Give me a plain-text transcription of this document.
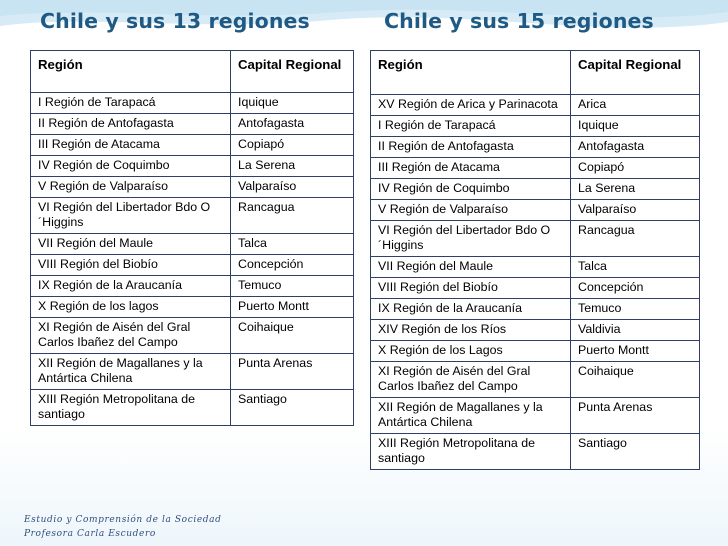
Chile y sus 13 regiones	Chile y sus 15 regiones
Región	Capital Regional
I Región de Tarapacá	Iquique
II Región de Antofagasta	Antofagasta
III Región de Atacama	Copiapó
IV Región de Coquimbo	La Serena
V Región de Valparaíso	Valparaíso
VI Región del Libertador Bdo O´Higgins	Rancagua
VII Región del Maule	Talca
VIII Región del Biobío	Concepción
IX Región de la Araucanía	Temuco
X Región de los lagos	Puerto Montt
XI Región de Aisén del Gral Carlos Ibañez del Campo	Coihaique
XII Región de Magallanes y la Antártica Chilena	Punta Arenas
XIII Región Metropolitana de santiago	Santiago
Región	Capital Regional
XV Región de Arica y Parinacota	Arica
I Región de Tarapacá	Iquique
II Región de Antofagasta	Antofagasta
III Región de Atacama	Copiapó
IV Región de Coquimbo	La Serena
V Región de Valparaíso	Valparaíso
VI Región del Libertador Bdo O´Higgins	Rancagua
VII Región del Maule	Talca
VIII Región del Biobío	Concepción
IX Región de la Araucanía	Temuco
XIV Región de los Ríos	Valdivia
X Región de los Lagos	Puerto Montt
XI Región de Aisén del Gral Carlos Ibañez del Campo	Coihaique
XII Región de Magallanes y la Antártica Chilena	Punta Arenas
XIII Región Metropolitana de santiago	Santiago
Estudio y Comprensión de la Sociedad
Profesora Carla Escudero
